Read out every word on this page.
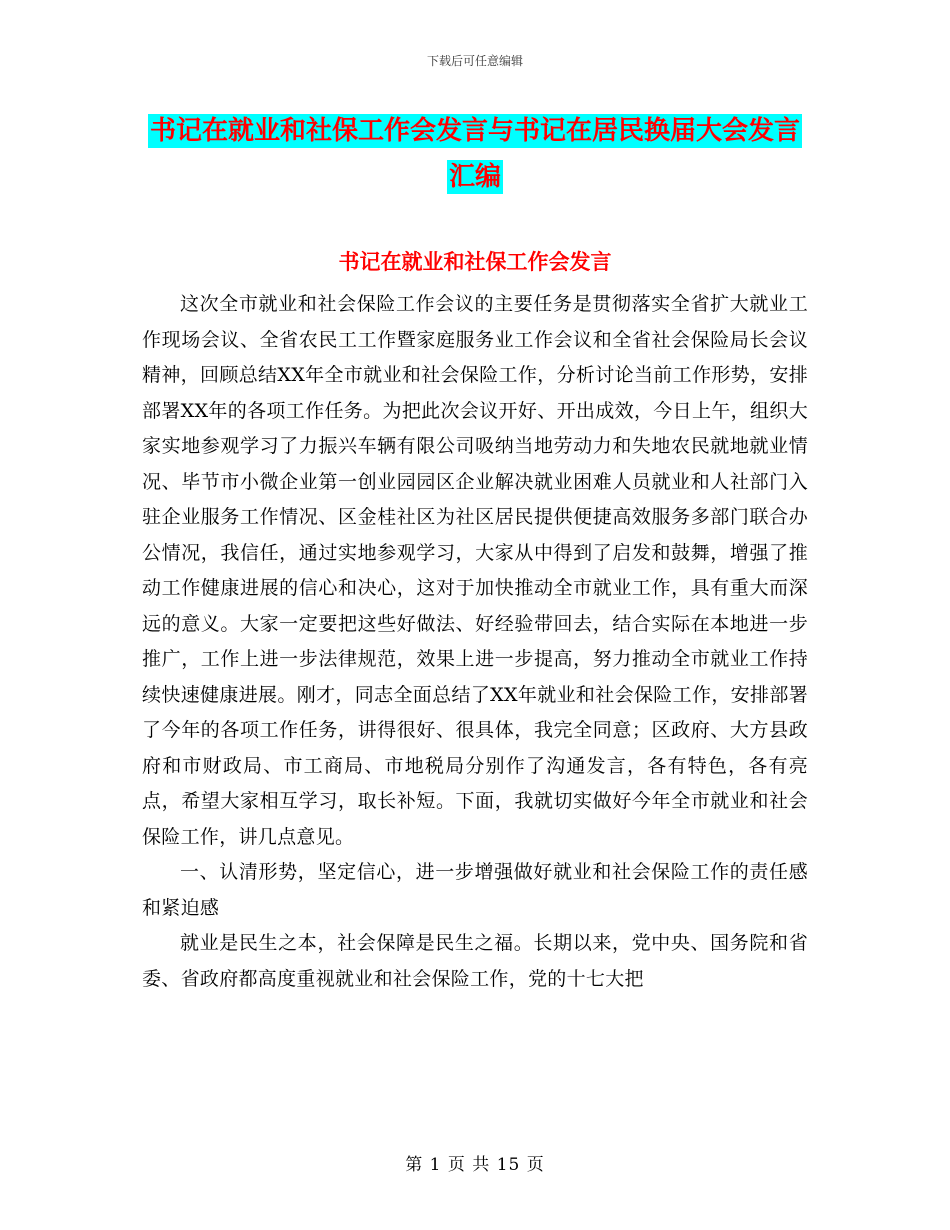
下载后可任意编辑
书记在就业和社保工作会发言与书记在居民换届大会发言汇编
书记在就业和社保工作会发言

这次全市就业和社会保险工作会议的主要任务是贯彻落实全省扩大就业工作现场会议、全省农民工工作暨家庭服务业工作会议和全省社会保险局长会议精神，回顾总结XX年全市就业和社会保险工作，分析讨论当前工作形势，安排部署XX年的各项工作任务。为把此次会议开好、开出成效，今日上午，组织大家实地参观学习了力振兴车辆有限公司吸纳当地劳动力和失地农民就地就业情况、毕节市小微企业第一创业园园区企业解决就业困难人员就业和人社部门入驻企业服务工作情况、区金桂社区为社区居民提供便捷高效服务多部门联合办公情况，我信任，通过实地参观学习，大家从中得到了启发和鼓舞，增强了推动工作健康进展的信心和决心，这对于加快推动全市就业工作，具有重大而深远的意义。大家一定要把这些好做法、好经验带回去，结合实际在本地进一步推广，工作上进一步法律规范，效果上进一步提高，努力推动全市就业工作持续快速健康进展。刚才，同志全面总结了XX年就业和社会保险工作，安排部署了今年的各项工作任务，讲得很好、很具体，我完全同意；区政府、大方县政府和市财政局、市工商局、市地税局分别作了沟通发言，各有特色，各有亮点，希望大家相互学习，取长补短。下面，我就切实做好今年全市就业和社会保险工作，讲几点意见。

一、认清形势，坚定信心，进一步增强做好就业和社会保险工作的责任感和紧迫感

就业是民生之本，社会保障是民生之福。长期以来，党中央、国务院和省委、省政府都高度重视就业和社会保险工作，党的十七大把

第 1 页 共 15 页
